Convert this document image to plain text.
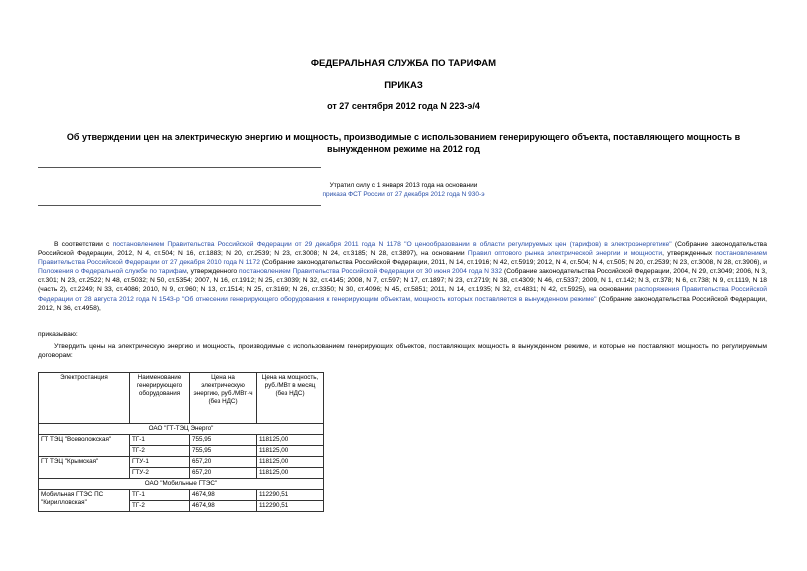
ФЕДЕРАЛЬНАЯ СЛУЖБА ПО ТАРИФАМ
ПРИКАЗ
от 27 сентября 2012 года N 223-э/4
Об утверждении цен на электрическую энергию и мощность, производимые с использованием генерирующего объекта, поставляющего мощность в вынужденном режиме на 2012 год
Утратил силу с 1 января 2013 года на основании
приказа ФСТ России от 27 декабря 2012 года N 930-э
В соответствии с постановлением Правительства Российской Федерации от 29 декабря 2011 года N 1178 "О ценообразовании в области регулируемых цен (тарифов) в электроэнергетике" (Собрание законодательства Российской Федерации, 2012, N 4, ст.504; N 16, ст.1883; N 20, ст.2539; N 23, ст.3008; N 24, ст.3185; N 28, ст.3897), на основании Правил оптового рынка электрической энергии и мощности, утвержденных постановлением Правительства Российской Федерации от 27 декабря 2010 года N 1172 (Собрание законодательства Российской Федерации, 2011, N 14, ст.1916; N 42, ст.5919; 2012, N 4, ст.504; N 4, ст.505; N 20, ст.2539; N 23, ст.3008, N 28, ст.3906), и Положения о Федеральной службе по тарифам, утвержденного постановлением Правительства Российской Федерации от 30 июня 2004 года N 332 (Собрание законодательства Российской Федерации, 2004, N 29, ст.3049; 2006, N 3, ст.301; N 23, ст.2522; N 48, ст.5032; N 50, ст.5354; 2007, N 16, ст.1912; N 25, ст.3039; N 32, ст.4145; 2008, N 7, ст.597; N 17, ст.1897; N 23, ст.2719; N 38, ст.4309; N 46, ст.5337; 2009, N 1, ст.142; N 3, ст.378; N 6, ст.738; N 9, ст.1119, N 18 (часть 2), ст.2249; N 33, ст.4086; 2010, N 9, ст.960; N 13, ст.1514; N 25, ст.3169; N 26, ст.3350; N 30, ст.4096; N 45, ст.5851; 2011, N 14, ст.1935; N 32, ст.4831; N 42, ст.5925), на основании распоряжения Правительства Российской Федерации от 28 августа 2012 года N 1543-р "Об отнесении генерирующего оборудования к генерирующим объектам, мощность которых поставляется в вынужденном режиме" (Собрание законодательства Российской Федерации, 2012, N 36, ст.4958),
приказываю:
Утвердить цены на электрическую энергию и мощность, производимые с использованием генерирующих объектов, поставляющих мощность в вынужденном режиме, и которые не поставляют мощность по регулируемым договорам:
Электростанция	Наименование генерирующего оборудования	Цена на электрическую энергию, руб./МВт·ч (без НДС)	Цена на мощность, руб./МВт в месяц (без НДС)
ОАО "ГТ-ТЭЦ Энерго"			
ГТ ТЭЦ "Всеволожская"	ТГ-1	755,95	118125,00
	ТГ-2	755,95	118125,00
ГТ ТЭЦ "Крымская"	ГТУ-1	657,20	118125,00
	ГТУ-2	657,20	118125,00
ОАО "Мобильные ГТЭС"			
Мобильная ГТЭС ПС "Кирилловская"	ТГ-1	4674,98	112290,51
	ТГ-2	4674,98	112290,51
